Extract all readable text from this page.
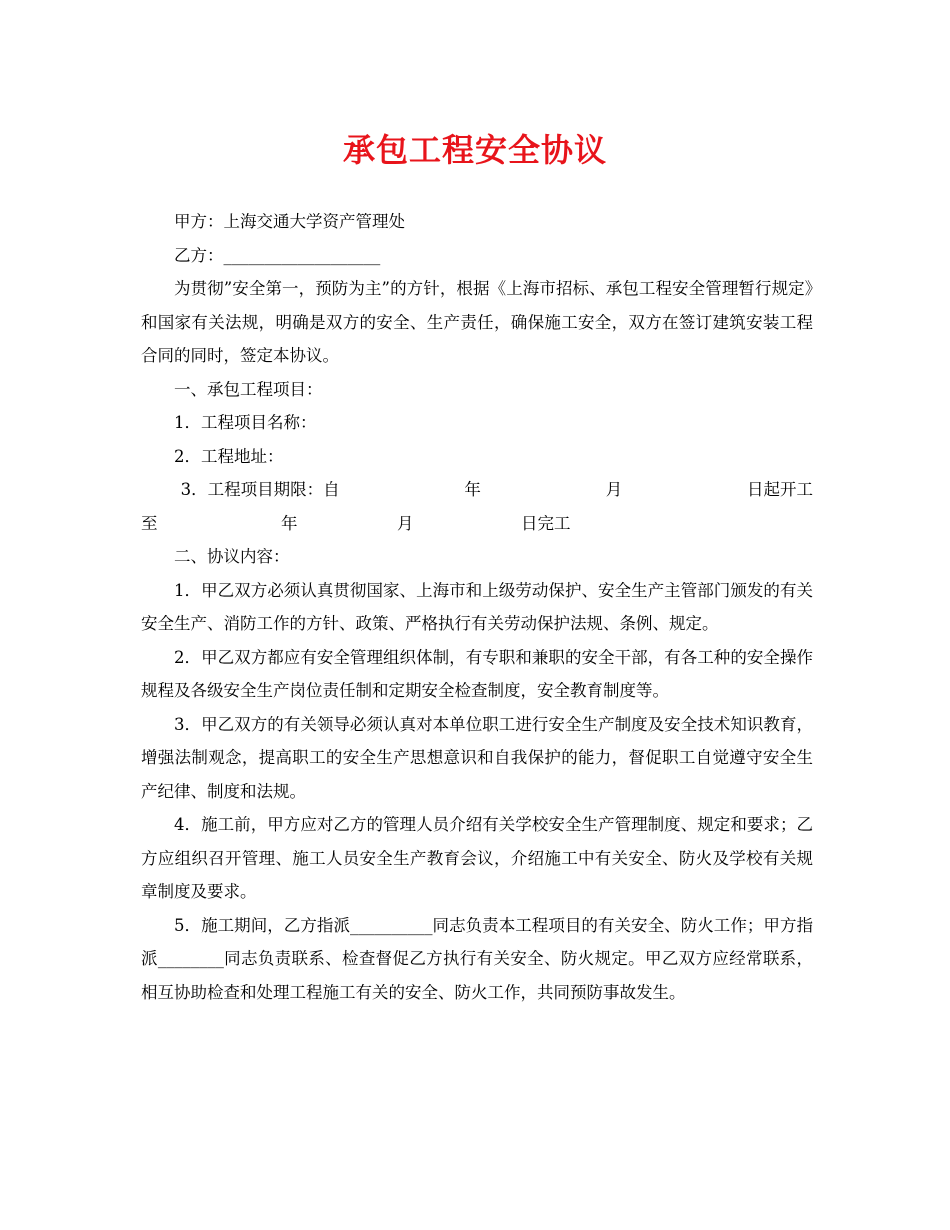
承包工程安全协议

甲方：上海交通大学资产管理处

乙方：___________________

为贯彻”安全第一，预防为主”的方针，根据《上海市招标、承包工程安全管理暂行规定》和国家有关法规，明确是双方的安全、生产责任，确保施工安全，双方在签订建筑安装工程合同的同时，签定本协议。

一、承包工程项目：

1．工程项目名称：

2．工程地址：

3．工程项目期限：自	年	月	日起开工
至	年	月	日完工

二、协议内容：

1．甲乙双方必须认真贯彻国家、上海市和上级劳动保护、安全生产主管部门颁发的有关安全生产、消防工作的方针、政策、严格执行有关劳动保护法规、条例、规定。

2．甲乙双方都应有安全管理组织体制，有专职和兼职的安全干部，有各工种的安全操作规程及各级安全生产岗位责任制和定期安全检查制度，安全教育制度等。

3．甲乙双方的有关领导必须认真对本单位职工进行安全生产制度及安全技术知识教育，增强法制观念，提高职工的安全生产思想意识和自我保护的能力，督促职工自觉遵守安全生产纪律、制度和法规。

4．施工前，甲方应对乙方的管理人员介绍有关学校安全生产管理制度、规定和要求；乙方应组织召开管理、施工人员安全生产教育会议，介绍施工中有关安全、防火及学校有关规章制度及要求。

5．施工期间，乙方指派__________同志负责本工程项目的有关安全、防火工作；甲方指派________同志负责联系、检查督促乙方执行有关安全、防火规定。甲乙双方应经常联系，相互协助检查和处理工程施工有关的安全、防火工作，共同预防事故发生。
